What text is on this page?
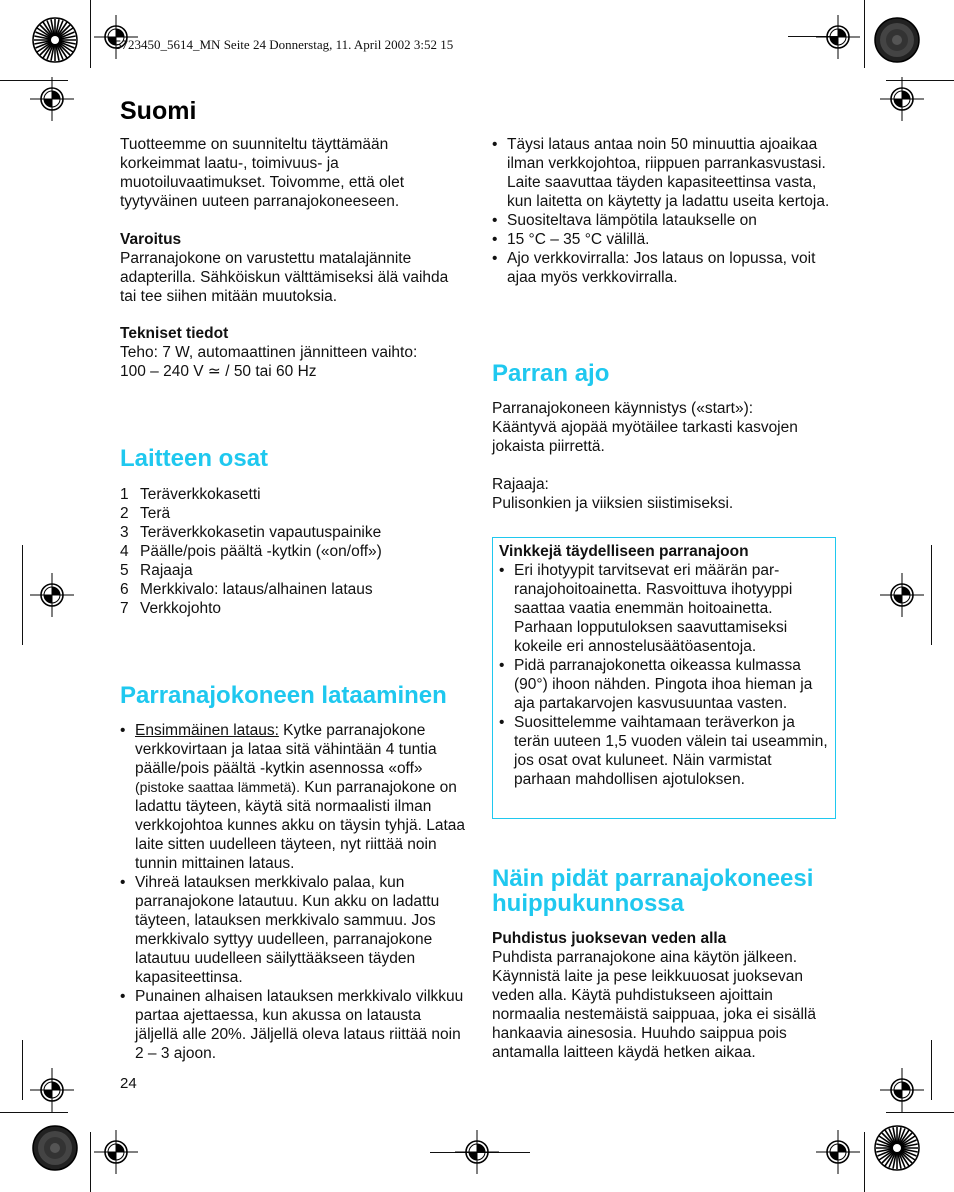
5723450_5614_MN Seite 24 Donnerstag, 11. April 2002 3:52 15
Suomi

Tuotteemme on suunniteltu täyttämään korkeimmat laatu-, toimivuus- ja muotoiluvaatimukset. Toivomme, että olet tyytyväinen uuteen parranajokoneeseen.

Varoitus

Parranajokone on varustettu matalajännite adapterilla. Sähköiskun välttämiseksi älä vaihda tai tee siihen mitään muutoksia.

Tekniset tiedot

Teho: 7 W, automaattinen jännitteen vaihto:

100 – 240 V ≃ / 50 tai 60 Hz

Laitteen osat
1 Teräverkkokasetti
2 Terä
3 Teräverkkokasetin vapautuspainike
4 Päälle/pois päältä -kytkin («on/off»)
5 Rajaaja
6 Merkkivalo: lataus/alhainen lataus
7 Verkkojohto
Parranajokoneen lataaminen
• Ensimmäinen lataus: Kytke parranajokone verkkovirtaan ja lataa sitä vähintään 4 tuntia päälle/pois päältä -kytkin asennossa «off» (pistoke saattaa lämmetä). Kun parranajokone on ladattu täyteen, käytä sitä normaalisti ilman verkkojohtoa kunnes akku on täysin tyhjä. Lataa laite sitten uudelleen täyteen, nyt riittää noin tunnin mittainen lataus.
• Vihreä latauksen merkkivalo palaa, kun parranajokone latautuu. Kun akku on ladattu täyteen, latauksen merkkivalo sammuu. Jos merkkivalo syttyy uudelleen, parranajokone latautuu uudelleen säilyttääkseen täyden kapasiteettinsa.
• Punainen alhaisen latauksen merkkivalo vilkkuu partaa ajettaessa, kun akussa on latausta jäljellä alle 20%. Jäljellä oleva lataus riittää noin 2 – 3 ajoon.
24
• Täysi lataus antaa noin 50 minuuttia ajoaikaa ilman verkkojohtoa, riippuen parrankasvustasi. Laite saavuttaa täyden kapasiteettinsa vasta, kun laitetta on käytetty ja ladattu useita kertoja.
• Suositeltava lämpötila lataukselle on
• 15 °C – 35 °C välillä.
• Ajo verkkovirralla: Jos lataus on lopussa, voit ajaa myös verkkovirralla.
Parran ajo

Parranajokoneen käynnistys («start»):

Kääntyvä ajopää myötäilee tarkasti kasvojen jokaista piirrettä.

Rajaaja:

Pulisonkien ja viiksien siistimiseksi.

Vinkkejä täydelliseen parranajoon

• Eri ihotyypit tarvitsevat eri määrän parranajohoitoainetta. Rasvoittuva ihotyyppi saattaa vaatia enemmän hoitoainetta. Parhaan lopputuloksen saavuttamiseksi kokeile eri annostelusäätöasentoja.
• Pidä parranajokonetta oikeassa kulmassa (90°) ihoon nähden. Pingota ihoa hieman ja aja partakarvojen kasvusuuntaa vasten.
• Suosittelemme vaihtamaan teräverkon ja terän uuteen 1,5 vuoden välein tai useammin, jos osat ovat kuluneet. Näin varmistat parhaan mahdollisen ajotuloksen.
Näin pidät parranajokoneesi huippukunnossa

Puhdistus juoksevan veden alla

Puhdista parranajokone aina käytön jälkeen. Käynnistä laite ja pese leikkuuosat juoksevan veden alla. Käytä puhdistukseen ajoittain normaalia nestemäistä saippuaa, joka ei sisällä hankaavia ainesosia. Huuhdo saippua pois antamalla laitteen käydä hetken aikaa.
